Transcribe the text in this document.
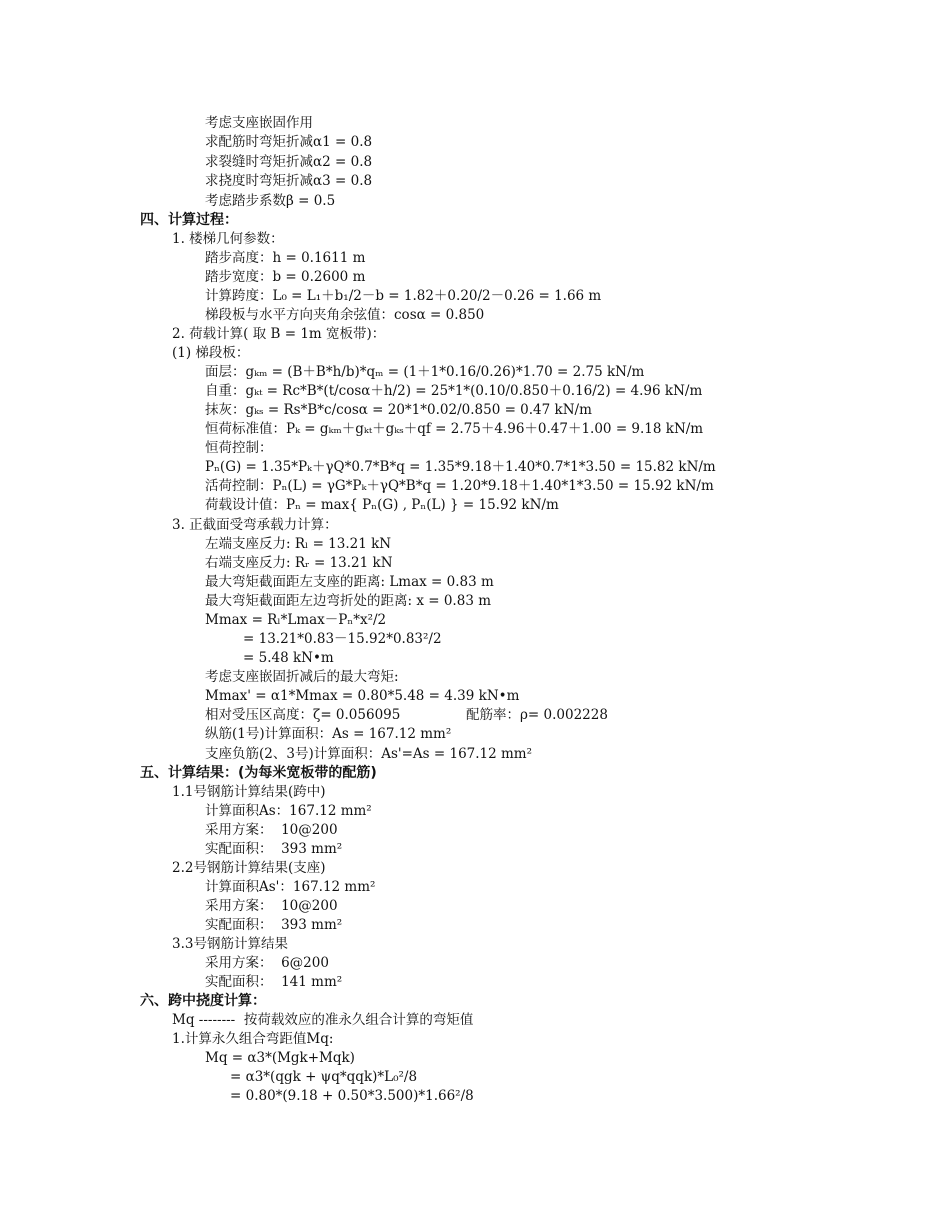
考虑支座嵌固作用
求配筋时弯矩折减α1 = 0.8
求裂缝时弯矩折减α2 = 0.8
求挠度时弯矩折减α3 = 0.8
考虑踏步系数β = 0.5
四、计算过程：
1. 楼梯几何参数：
踏步高度：h = 0.1611 m
踏步宽度：b = 0.2600 m
计算跨度：L₀ = L₁＋b₁/2－b = 1.82＋0.20/2－0.26 = 1.66 m
梯段板与水平方向夹角余弦值：cosα = 0.850
2. 荷载计算( 取 B = 1m 宽板带)：
(1) 梯段板：
面层：gₖₘ = (B＋B*h/b)*qₘ = (1＋1*0.16/0.26)*1.70 = 2.75 kN/m
自重：gₖₜ = Rc*B*(t/cosα＋h/2) = 25*1*(0.10/0.850＋0.16/2) = 4.96 kN/m
抹灰：gₖₛ = Rs*B*c/cosα = 20*1*0.02/0.850 = 0.47 kN/m
恒荷标准值：Pₖ = gₖₘ＋gₖₜ＋gₖₛ＋qf = 2.75＋4.96＋0.47＋1.00 = 9.18 kN/m
恒荷控制：
Pₙ(G) = 1.35*Pₖ＋γQ*0.7*B*q = 1.35*9.18＋1.40*0.7*1*3.50 = 15.82 kN/m
活荷控制：Pₙ(L) = γG*Pₖ＋γQ*B*q = 1.20*9.18＋1.40*1*3.50 = 15.92 kN/m
荷载设计值：Pₙ = max{ Pₙ(G) , Pₙ(L) } = 15.92 kN/m
3. 正截面受弯承载力计算：
左端支座反力: Rₗ = 13.21 kN
右端支座反力: Rᵣ = 13.21 kN
最大弯矩截面距左支座的距离: Lmax = 0.83 m
最大弯矩截面距左边弯折处的距离: x = 0.83 m
Mmax = Rₗ*Lmax－Pₙ*x²/2
= 13.21*0.83－15.92*0.83²/2
= 5.48 kN•m
考虑支座嵌固折减后的最大弯矩:
Mmax' = α1*Mmax = 0.80*5.48 = 4.39 kN•m
相对受压区高度：ζ= 0.056095	配筋率：ρ= 0.002228
纵筋(1号)计算面积：As = 167.12 mm²
支座负筋(2、3号)计算面积：As'=As = 167.12 mm²
五、计算结果：(为每米宽板带的配筋)
1.1号钢筋计算结果(跨中)
计算面积As：167.12 mm²
采用方案：  10@200
实配面积：  393 mm²
2.2号钢筋计算结果(支座)
计算面积As'：167.12 mm²
采用方案：  10@200
实配面积：  393 mm²
3.3号钢筋计算结果
采用方案：  6@200
实配面积：  141 mm²
六、跨中挠度计算：
Mq --------  按荷载效应的准永久组合计算的弯矩值
1.计算永久组合弯距值Mq:
Mq = α3*(Mgk+Mqk)
= α3*(qgk + ψq*qqk)*L₀²/8
= 0.80*(9.18 + 0.50*3.500)*1.66²/8
